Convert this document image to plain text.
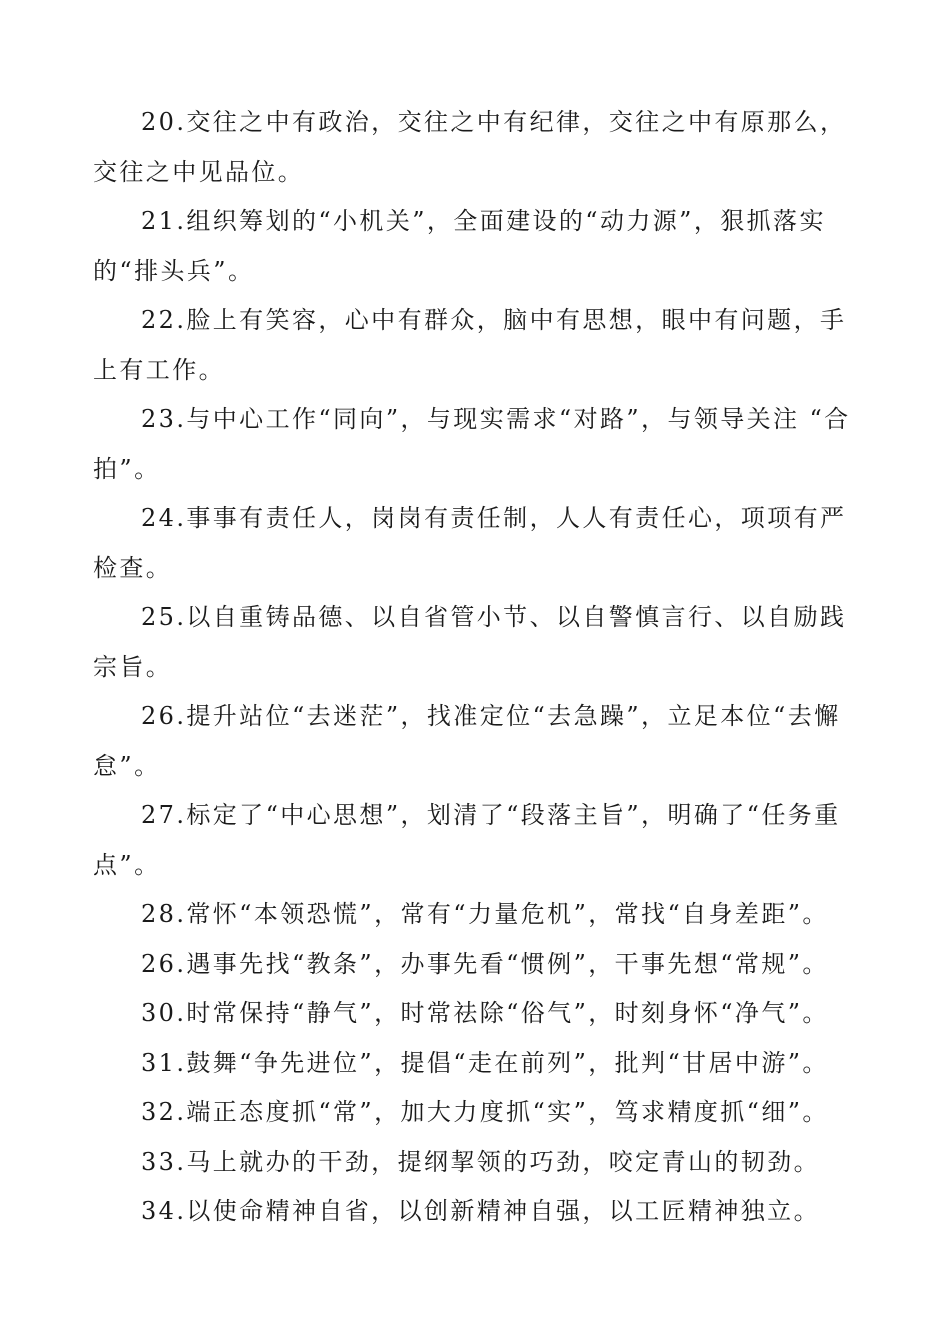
20.交往之中有政治，交往之中有纪律，交往之中有原那么，交往之中见品位。

21.组织筹划的“小机关”，全面建设的“动力源”，狠抓落实的“排头兵”。

22.脸上有笑容，心中有群众，脑中有思想，眼中有问题，手上有工作。

23.与中心工作“同向”，与现实需求“对路”，与领导关注 “合拍”。

24.事事有责任人，岗岗有责任制，人人有责任心，项项有严检查。

25.以自重铸品德、以自省管小节、以自警慎言行、以自励践宗旨。

26.提升站位“去迷茫”，找准定位“去急躁”，立足本位“去懈怠”。

27.标定了“中心思想”，划清了“段落主旨”，明确了“任务重点”。

28.常怀“本领恐慌”，常有“力量危机”，常找“自身差距”。

26.遇事先找“教条”，办事先看“惯例”，干事先想“常规”。

30.时常保持“静气”，时常祛除“俗气”，时刻身怀“净气”。

31.鼓舞“争先进位”，提倡“走在前列”，批判“甘居中游”。

32.端正态度抓“常”，加大力度抓“实”，笃求精度抓“细”。

33.马上就办的干劲，提纲挈领的巧劲，咬定青山的韧劲。

34.以使命精神自省，以创新精神自强，以工匠精神独立。
